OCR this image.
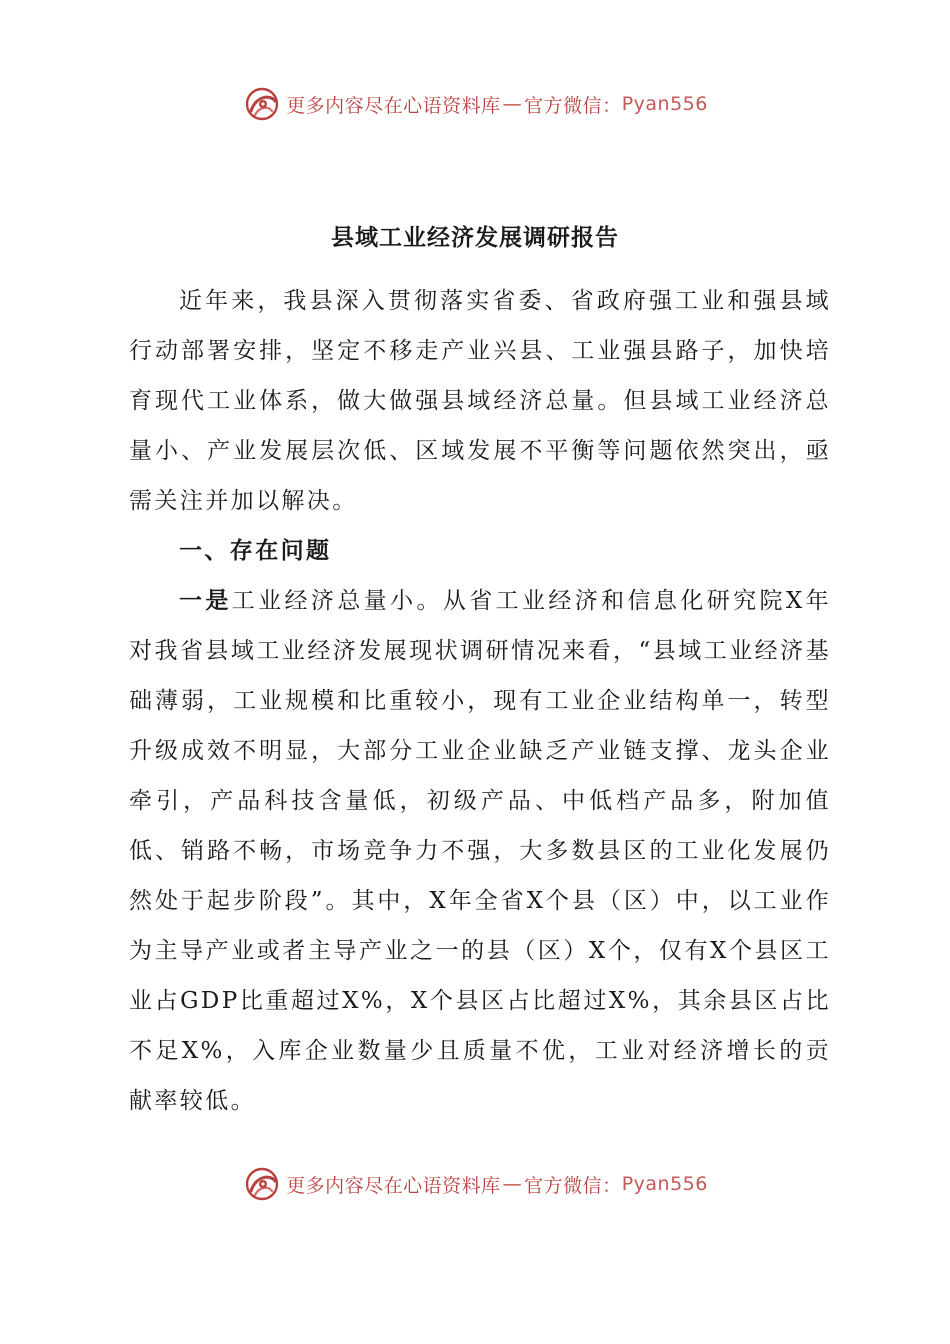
更多内容尽在心语资料库 — 官方微信： Pyan556
县域工业经济发展调研报告

近年来，我县深入贯彻落实省委、省政府强工业和强县域行动部署安排，坚定不移走产业兴县、工业强县路子，加快培育现代工业体系，做大做强县域经济总量。但县域工业经济总量小、产业发展层次低、区域发展不平衡等问题依然突出，亟需关注并加以解决。

一、存在问题

一是工业经济总量小。从省工业经济和信息化研究院X年对我省县域工业经济发展现状调研情况来看，“县域工业经济基础薄弱，工业规模和比重较小，现有工业企业结构单一，转型升级成效不明显，大部分工业企业缺乏产业链支撑、龙头企业牵引，产品科技含量低，初级产品、中低档产品多，附加值低、销路不畅，市场竞争力不强，大多数县区的工业化发展仍然处于起步阶段”。其中，X年全省X个县（区）中，以工业作为主导产业或者主导产业之一的县（区）X个，仅有X个县区工业占GDP比重超过X%，X个县区占比超过X%，其余县区占比不足X%，入库企业数量少且质量不优，工业对经济增长的贡献率较低。

更多内容尽在心语资料库 — 官方微信： Pyan556
